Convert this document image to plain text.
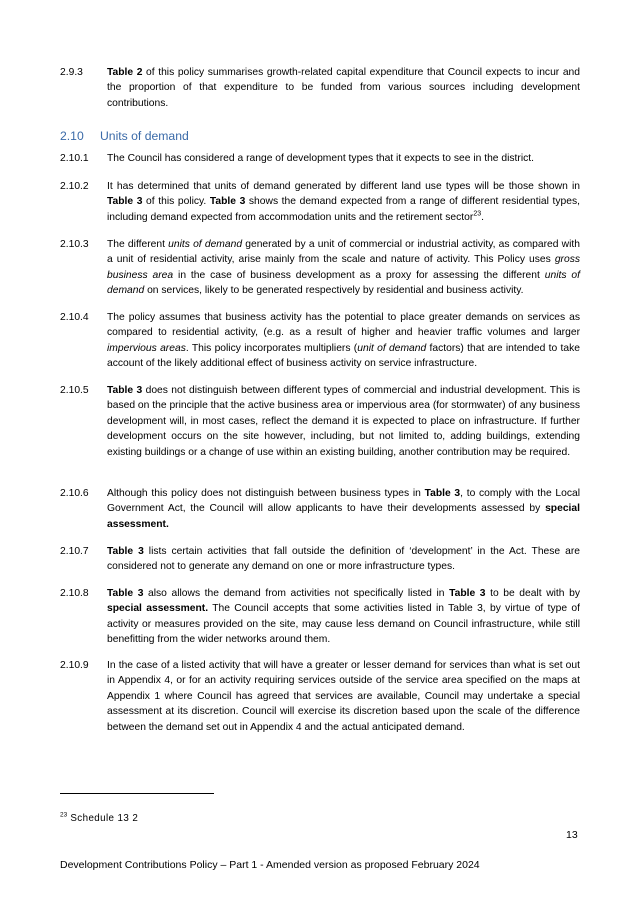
2.9.3	Table 2 of this policy summarises growth-related capital expenditure that Council expects to incur and the proportion of that expenditure to be funded from various sources including development contributions.
2.10	Units of demand
2.10.1	The Council has considered a range of development types that it expects to see in the district.
2.10.2	It has determined that units of demand generated by different land use types will be those shown in Table 3 of this policy. Table 3 shows the demand expected from a range of different residential types, including demand expected from accommodation units and the retirement sector$^{23}$.
2.10.3	The different units of demand generated by a unit of commercial or industrial activity, as compared with a unit of residential activity, arise mainly from the scale and nature of activity. This Policy uses gross business area in the case of business development as a proxy for assessing the different units of demand on services, likely to be generated respectively by residential and business activity.
2.10.4	The policy assumes that business activity has the potential to place greater demands on services as compared to residential activity, (e.g. as a result of higher and heavier traffic volumes and larger impervious areas. This policy incorporates multipliers (unit of demand factors) that are intended to take account of the likely additional effect of business activity on service infrastructure.
2.10.5	Table 3 does not distinguish between different types of commercial and industrial development. This is based on the principle that the active business area or impervious area (for stormwater) of any business development will, in most cases, reflect the demand it is expected to place on infrastructure. If further development occurs on the site however, including, but not limited to, adding buildings, extending existing buildings or a change of use within an existing building, another contribution may be required.
2.10.6	Although this policy does not distinguish between business types in Table 3, to comply with the Local Government Act, the Council will allow applicants to have their developments assessed by special assessment.
2.10.7	Table 3 lists certain activities that fall outside the definition of ‘development’ in the Act. These are considered not to generate any demand on one or more infrastructure types.
2.10.8	Table 3 also allows the demand from activities not specifically listed in Table 3 to be dealt with by special assessment. The Council accepts that some activities listed in Table 3, by virtue of type of activity or measures provided on the site, may cause less demand on Council infrastructure, while still benefitting from the wider networks around them.
2.10.9	In the case of a listed activity that will have a greater or lesser demand for services than what is set out in Appendix 4, or for an activity requiring services outside of the service area specified on the maps at Appendix 1 where Council has agreed that services are available, Council may undertake a special assessment at its discretion. Council will exercise its discretion based upon the scale of the difference between the demand set out in Appendix 4 and the actual anticipated demand.
$^{23}$ Schedule 13 2
13
Development Contributions Policy – Part 1 - Amended version as proposed February 2024
